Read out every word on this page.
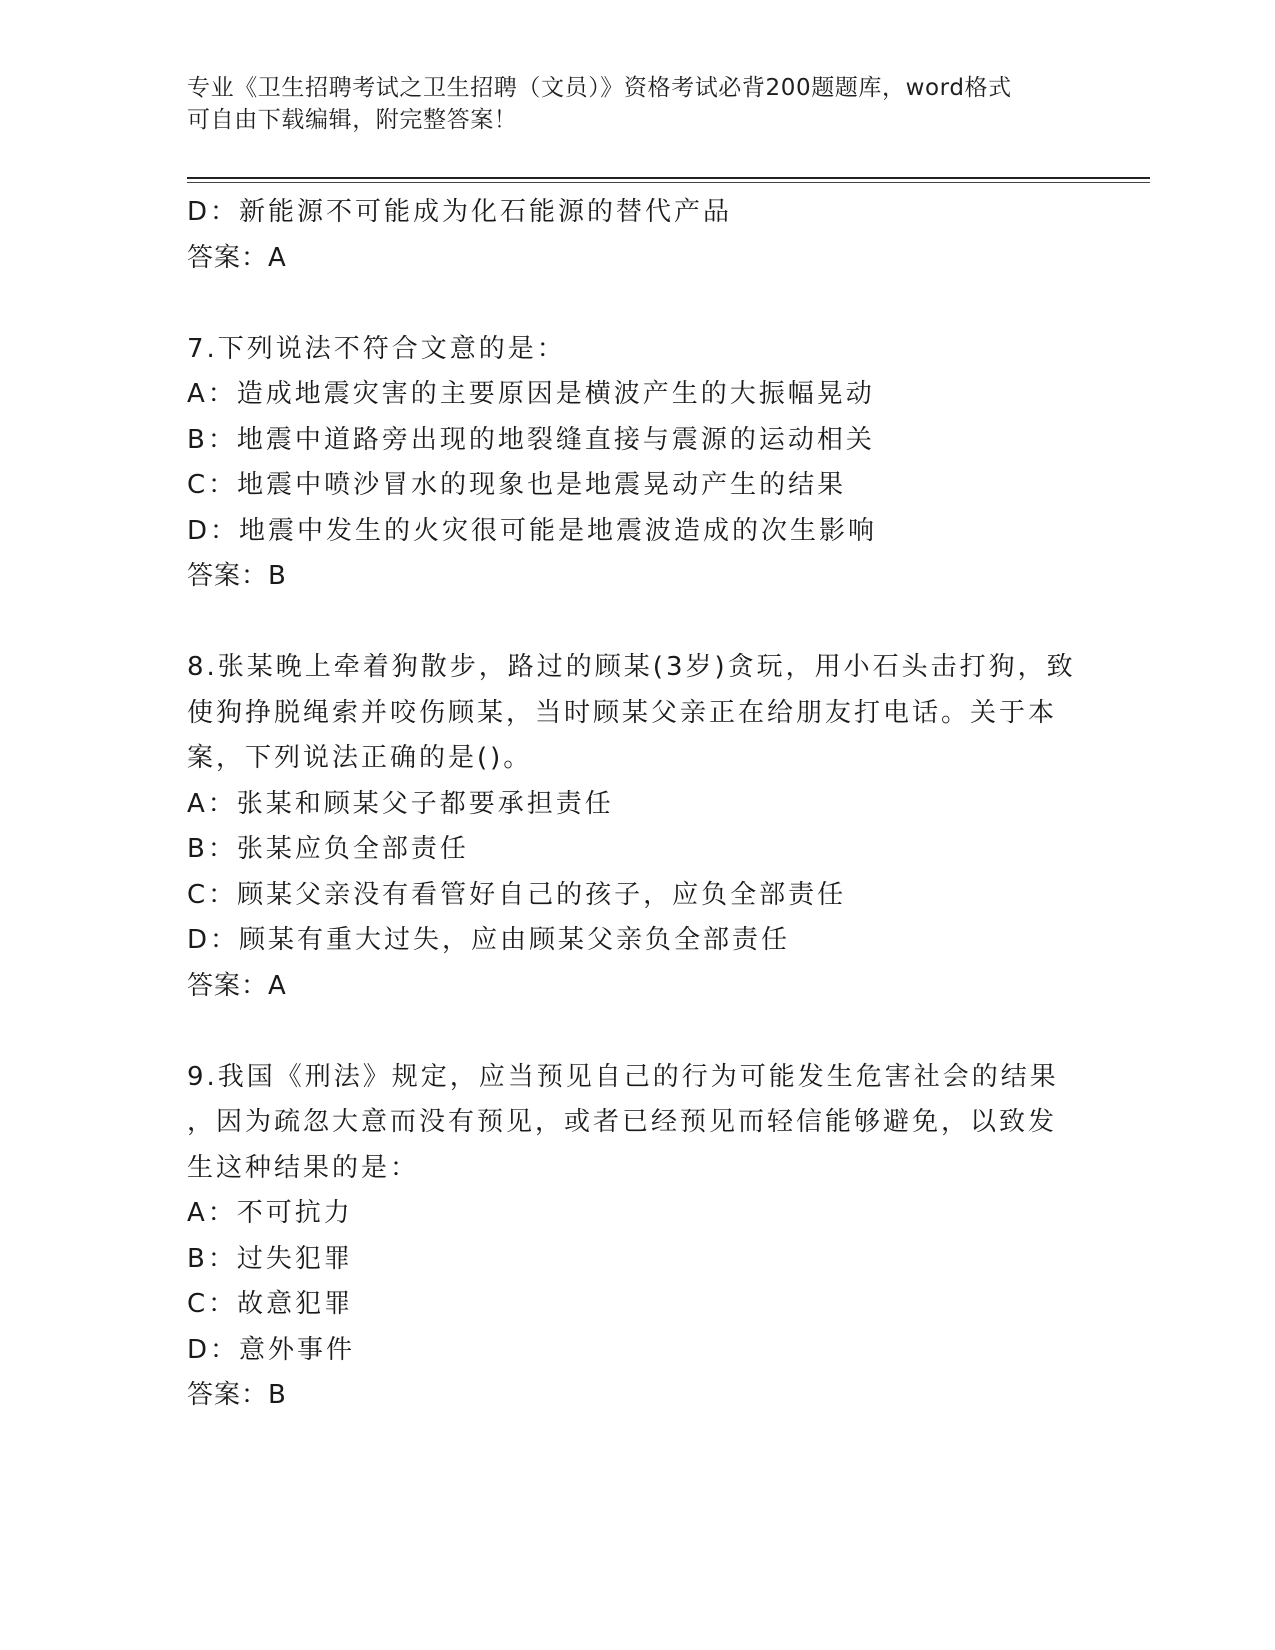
专业《卫生招聘考试之卫生招聘（文员）》资格考试必背200题题库，word格式
可自由下载编辑，附完整答案！
D：新能源不可能成为化石能源的替代产品
答案：A
7.下列说法不符合文意的是：
A：造成地震灾害的主要原因是横波产生的大振幅晃动
B：地震中道路旁出现的地裂缝直接与震源的运动相关
C：地震中喷沙冒水的现象也是地震晃动产生的结果
D：地震中发生的火灾很可能是地震波造成的次生影响
答案：B
8.张某晚上牵着狗散步，路过的顾某(3岁)贪玩，用小石头击打狗，致
使狗挣脱绳索并咬伤顾某，当时顾某父亲正在给朋友打电话。关于本
案，下列说法正确的是()。
A：张某和顾某父子都要承担责任
B：张某应负全部责任
C：顾某父亲没有看管好自己的孩子，应负全部责任
D：顾某有重大过失，应由顾某父亲负全部责任
答案：A
9.我国《刑法》规定，应当预见自己的行为可能发生危害社会的结果
，因为疏忽大意而没有预见，或者已经预见而轻信能够避免，以致发
生这种结果的是：
A：不可抗力
B：过失犯罪
C：故意犯罪
D：意外事件
答案：B
